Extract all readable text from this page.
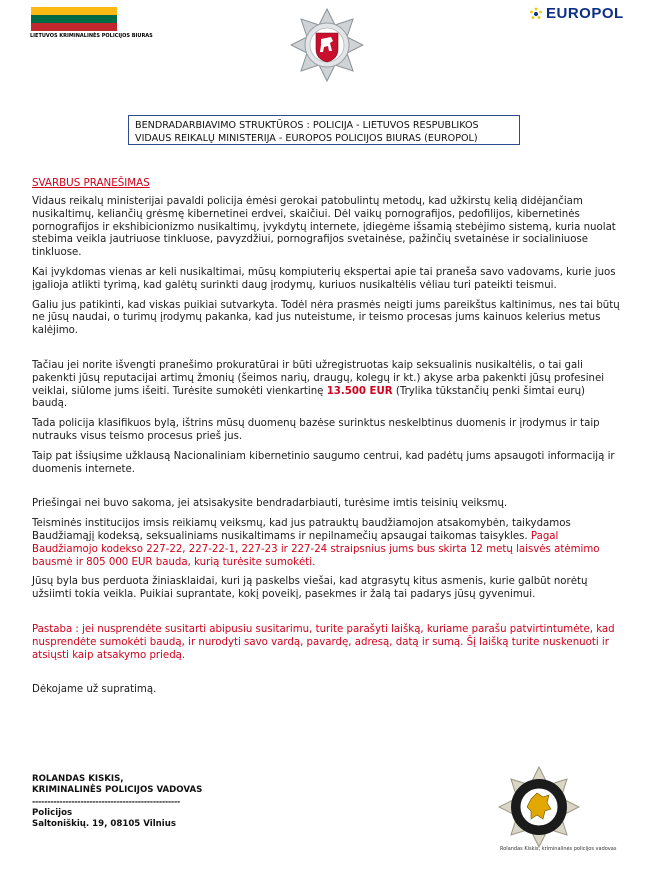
LIETUVOS KRIMINALINĖS POLICIJOS BIURAS
EUROPOL
BENDRADARBIAVIMO STRUKTŪROS : POLICIJA - LIETUVOS RESPUBLIKOS
VIDAUS REIKALŲ MINISTERIJA - EUROPOS POLICIJOS BIURAS (EUROPOL)
SVARBUS PRANEŠIMAS

Vidaus reikalų ministerijai pavaldi policija ėmėsi gerokai patobulintų metodų, kad užkirstų kelią didėjančiam nusikaltimų, keliančių grėsmę kibernetinei erdvei, skaičiui. Dėl vaikų pornografijos, pedofilijos, kibernetinės pornografijos ir ekshibicionizmo nusikaltimų, įvykdytų internete, įdiegėme išsamią stebėjimo sistemą, kuria nuolat stebima veikla jautriuose tinkluose, pavyzdžiui, pornografijos svetainėse, pažinčių svetainėse ir socialiniuose tinkluose.

Kai įvykdomas vienas ar keli nusikaltimai, mūsų kompiuterių ekspertai apie tai praneša savo vadovams, kurie juos įgalioja atlikti tyrimą, kad galėtų surinkti daug įrodymų, kuriuos nusikaltėlis vėliau turi pateikti teismui.

Galiu jus patikinti, kad viskas puikiai sutvarkyta. Todėl nėra prasmės neigti jums pareikštus kaltinimus, nes tai būtų ne jūsų naudai, o turimų įrodymų pakanka, kad jus nuteistume, ir teismo procesas jums kainuos kelerius metus kalėjimo.

Tačiau jei norite išvengti pranešimo prokuratūrai ir būti užregistruotas kaip seksualinis nusikaltėlis, o tai gali pakenkti jūsų reputacijai artimų žmonių (šeimos narių, draugų, kolegų ir kt.) akyse arba pakenkti jūsų profesinei veiklai, siūlome jums išeiti. Turėsite sumokėti vienkartinę 13.500 EUR (Trylika tūkstančių penki šimtai eurų) baudą.

Tada policija klasifikuos bylą, ištrins mūsų duomenų bazėse surinktus neskelbtinus duomenis ir įrodymus ir taip nutrauks visus teismo procesus prieš jus.

Taip pat išsiųsime užklausą Nacionaliniam kibernetinio saugumo centrui, kad padėtų jums apsaugoti informaciją ir duomenis internete.

Priešingai nei buvo sakoma, jei atsisakysite bendradarbiauti, turėsime imtis teisinių veiksmų.

Teisminės institucijos imsis reikiamų veiksmų, kad jus patrauktų baudžiamojon atsakomybėn, taikydamos Baudžiamąjį kodeksą, seksualiniams nusikaltimams ir nepilnamečių apsaugai taikomas taisykles. Pagal Baudžiamojo kodekso 227-22, 227-22-1, 227-23 ir 227-24 straipsnius jums bus skirta 12 metų laisvės atėmimo bausmė ir 805 000 EUR bauda, kurią turėsite sumokėti.

Jūsų byla bus perduota žiniasklaidai, kuri ją paskelbs viešai, kad atgrasytų kitus asmenis, kurie galbūt norėtų užsiimti tokia veikla. Puikiai suprantate, kokį poveikį, pasekmes ir žalą tai padarys jūsų gyvenimui.

Pastaba : jei nusprendėte susitarti abipusiu susitarimu, turite parašyti laišką, kuriame parašu patvirtintumėte, kad nusprendėte sumokėti baudą, ir nurodyti savo vardą, pavardę, adresą, datą ir sumą. Šį laišką turite nuskenuoti ir atsiųsti kaip atsakymo priedą.

Dėkojame už supratimą.

ROLANDAS KISKIS,
KRIMINALINĖS POLICIJOS VADOVAS
-------------------------------------------------
Policijos
Saltoniškių. 19, 08105 Vilnius
Rolandas Kiskis, kriminalinės policijos vadovas
